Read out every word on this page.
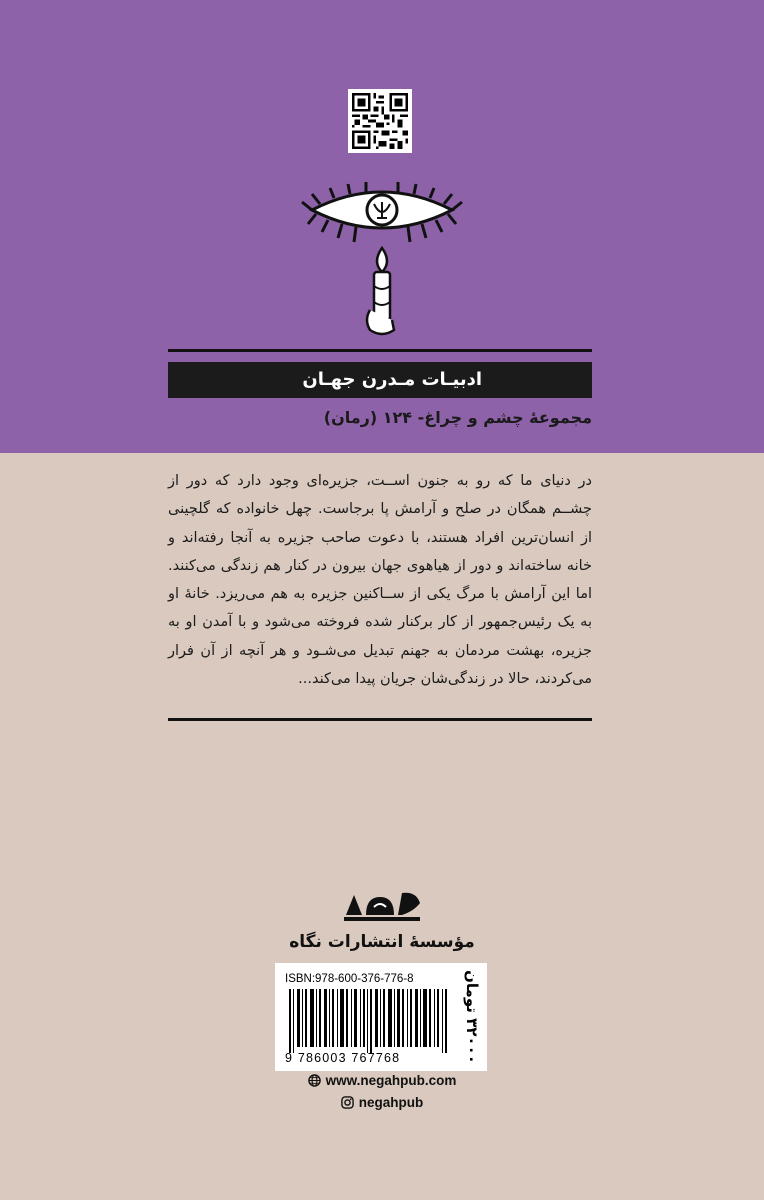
ادبیـات مـدرن جهـان
مجموعهٔ چشم و چراغ- ۱۲۴ (رمان)

در دنیای ما که رو به جنون اســت، جزیره‌ای وجود دارد که دور از چشــم همگان در صلح و آرامش پا برجاست. چهل خانواده که گلچینی از انسان‌ترین افراد هستند، با دعوت صاحب جزیره به آنجا رفته‌اند و خانه ساخته‌اند و دور از هیاهوی جهان بیرون در کنار هم زندگی می‌کنند. اما این آرامش با مرگ یکی از ســاکنین جزیره به هم می‌ریزد. خانهٔ او به یک رئیس‌جمهور از کار برکنار شده فروخته می‌شود و با آمدن او به جزیره، بهشت مردمان به جهنم تبدیل می‌شـود و هر آنچه از آن فرار می‌کردند، حالا در زندگی‌شان جریان پیدا می‌کند...

مؤسسهٔ انتشارات نگاه
ISBN:978-600-376-776-8
9 786003 767768
۳۲۰۰۰ تومان
www.negahpub.com
negahpub
